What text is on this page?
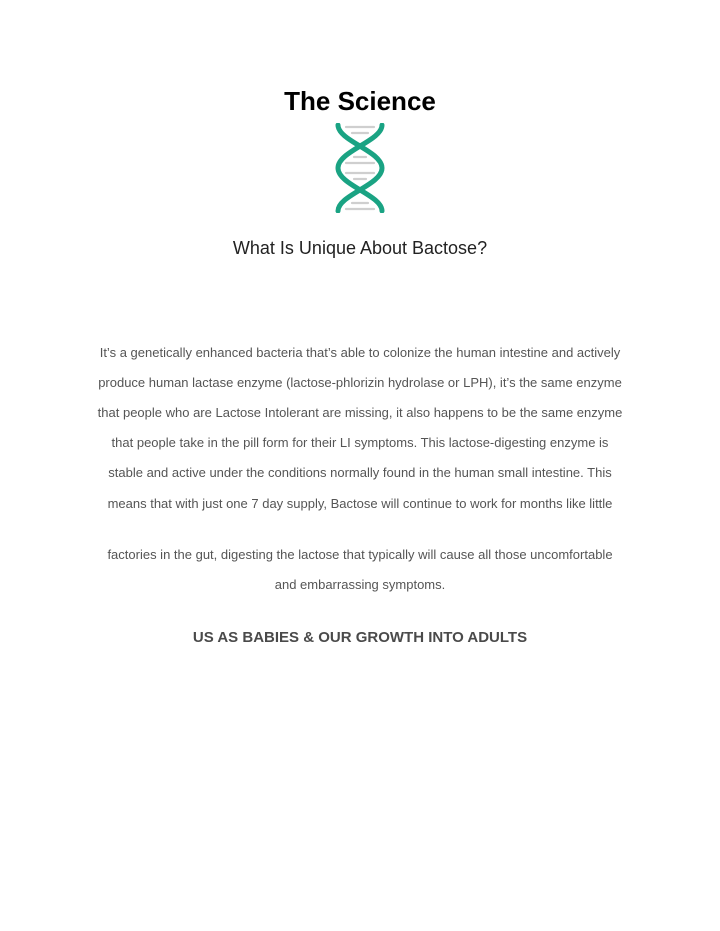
The Science
What Is Unique About Bactose?
It’s a genetically enhanced bacteria that’s able to colonize the human intestine and actively
produce human lactase enzyme (lactose-phlorizin hydrolase or LPH), it’s the same enzyme
that people who are Lactose Intolerant are missing, it also happens to be the same enzyme
that people take in the pill form for their LI symptoms. This lactose-digesting enzyme is
stable and active under the conditions normally found in the human small intestine. This
means that with just one 7 day supply, Bactose will continue to work for months like little
factories in the gut, digesting the lactose that typically will cause all those uncomfortable
and embarrassing symptoms.
US AS BABIES & OUR GROWTH INTO ADULTS
